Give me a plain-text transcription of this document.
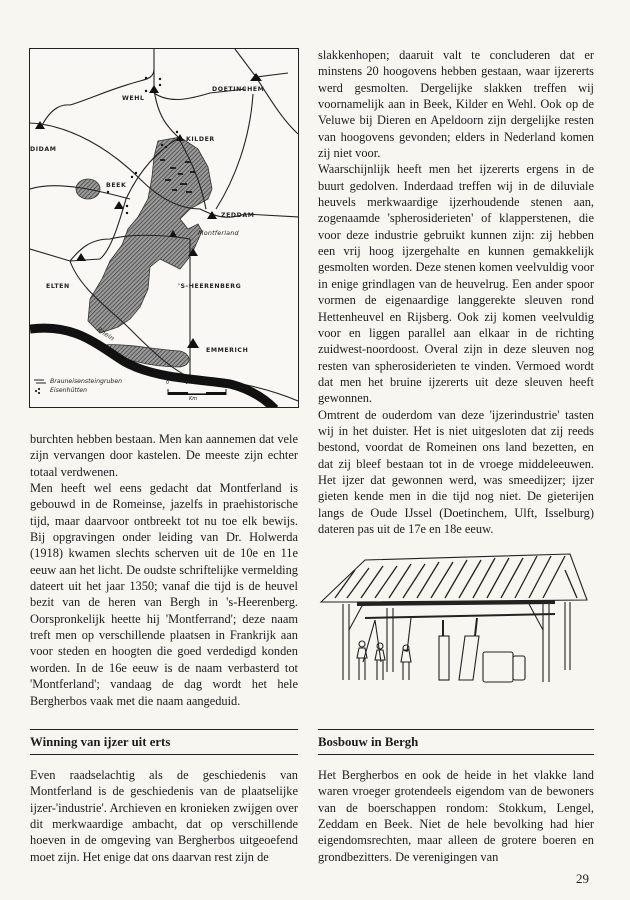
WEHL
DOETINCHEM
DIDAM
KILDER
BEEK
ZEDDAM
Montferland
ELTEN	'S-HEERENBERG
EMMERICH
Rhein
Brauneisensteingruben
Eisenhütten
0	1	2	3
Km

burchten hebben bestaan. Men kan aannemen dat vele zijn vervangen door kastelen. De meeste zijn echter totaal verdwenen.

Men heeft wel eens gedacht dat Montferland is gebouwd in de Romeinse, jazelfs in praehistorische tijd, maar daarvoor ontbreekt tot nu toe elk bewijs. Bij opgravingen onder leiding van Dr. Holwerda (1918) kwamen slechts scherven uit de 10e en 11e eeuw aan het licht. De oudste schriftelijke vermelding dateert uit het jaar 1350; vanaf die tijd is de heuvel bezit van de heren van Bergh in 's-Heerenberg. Oorspronkelijk heette hij 'Montferrand'; deze naam treft men op verschillende plaatsen in Frankrijk aan voor steden en hoogten die goed verdedigd konden worden. In de 16e eeuw is de naam verbasterd tot 'Montferland'; vandaag de dag wordt het hele Bergherbos vaak met die naam aangeduid.

Winning van ijzer uit erts

Even raadselachtig als de geschiedenis van Montferland is de geschiedenis van de plaatselijke ijzer-'industrie'. Archieven en kronieken zwijgen over dit merkwaardige ambacht, dat op verschillende hoeven in de omgeving van Bergherbos uitgeoefend moet zijn. Het enige dat ons daarvan rest zijn de

slakkenhopen; daaruit valt te concluderen dat er minstens 20 hoogovens hebben gestaan, waar ijzererts werd gesmolten. Dergelijke slakken treffen wij voornamelijk aan in Beek, Kilder en Wehl. Ook op de Veluwe bij Dieren en Apeldoorn zijn dergelijke resten van hoogovens gevonden; elders in Nederland komen zij niet voor.

Waarschijnlijk heeft men het ijzererts ergens in de buurt gedolven. Inderdaad treffen wij in de diluviale heuvels merkwaardige ijzerhoudende stenen aan, zogenaamde 'spherosiderieten' of klapperstenen, die voor deze industrie gebruikt kunnen zijn: zij hebben een vrij hoog ijzergehalte en kunnen gemakkelijk gesmolten worden. Deze stenen komen veelvuldig voor in enige grindlagen van de heuvelrug. Een ander spoor vormen de eigenaardige langgerekte sleuven rond Hettenheuvel en Rijsberg. Ook zij komen veelvuldig voor en liggen parallel aan elkaar in de richting zuidwest-noordoost. Overal zijn in deze sleuven nog resten van spherosiderieten te vinden. Vermoed wordt dat men het bruine ijzererts uit deze sleuven heeft gewonnen.

Omtrent de ouderdom van deze 'ijzerindustrie' tasten wij in het duister. Het is niet uitgesloten dat zij reeds bestond, voordat de Romeinen ons land bezetten, en dat zij bleef bestaan tot in de vroege middeleeuwen. Het ijzer dat gewonnen werd, was smeedijzer; ijzer gieten kende men in die tijd nog niet. De gieterijen langs de Oude IJssel (Doetinchem, Ulft, Isselburg) dateren pas uit de 17e en 18e eeuw.

Bosbouw in Bergh

Het Bergherbos en ook de heide in het vlakke land waren vroeger grotendeels eigendom van de bewoners van de boerschappen rondom: Stokkum, Lengel, Zeddam en Beek. Niet de hele bevolking had hier eigendomsrechten, maar alleen de grotere boeren en grondbezitters. De verenigingen van

29
